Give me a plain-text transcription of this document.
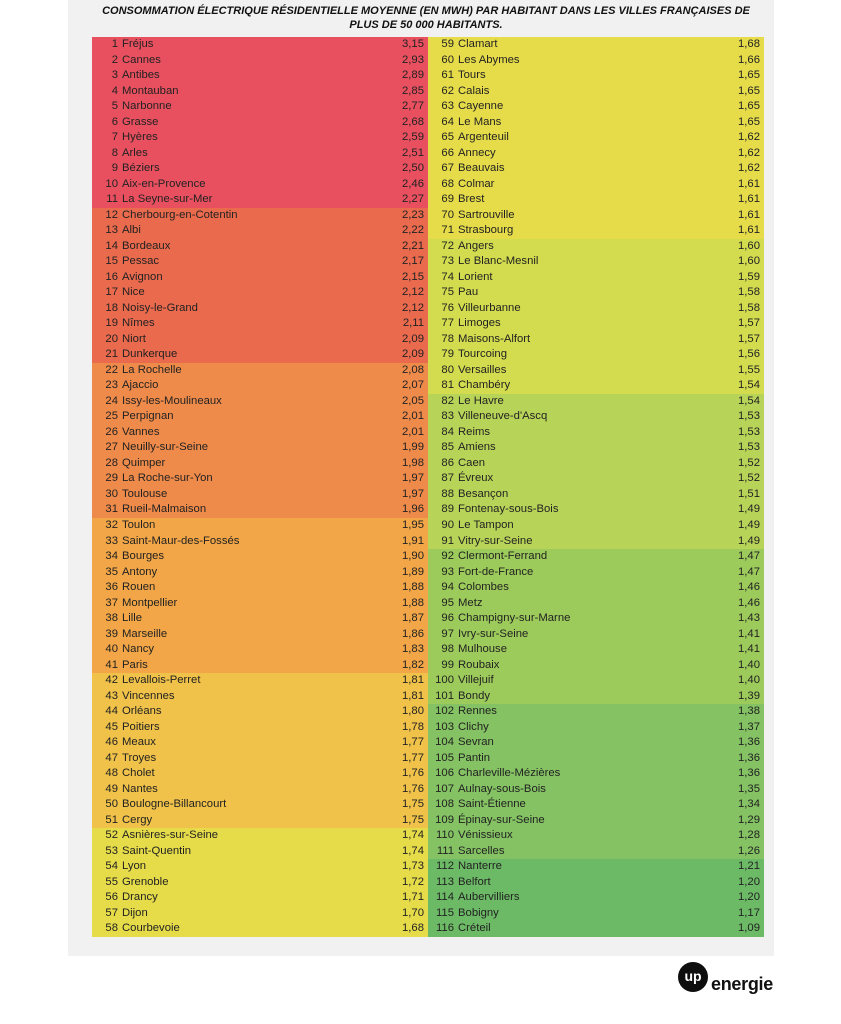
CONSOMMATION ÉLECTRIQUE RÉSIDENTIELLE MOYENNE (EN MWH) PAR HABITANT DANS LES VILLES FRANÇAISES DE PLUS DE 50 000 HABITANTS.
1 Fréjus	3,15
2 Cannes	2,93
3 Antibes	2,89
4 Montauban	2,85
5 Narbonne	2,77
6 Grasse	2,68
7 Hyères	2,59
8 Arles	2,51
9 Béziers	2,50
10 Aix-en-Provence	2,46
11 La Seyne-sur-Mer	2,27
12 Cherbourg-en-Cotentin	2,23
13 Albi	2,22
14 Bordeaux	2,21
15 Pessac	2,17
16 Avignon	2,15
17 Nice	2,12
18 Noisy-le-Grand	2,12
19 Nîmes	2,11
20 Niort	2,09
21 Dunkerque	2,09
22 La Rochelle	2,08
23 Ajaccio	2,07
24 Issy-les-Moulineaux	2,05
25 Perpignan	2,01
26 Vannes	2,01
27 Neuilly-sur-Seine	1,99
28 Quimper	1,98
29 La Roche-sur-Yon	1,97
30 Toulouse	1,97
31 Rueil-Malmaison	1,96
32 Toulon	1,95
33 Saint-Maur-des-Fossés	1,91
34 Bourges	1,90
35 Antony	1,89
36 Rouen	1,88
37 Montpellier	1,88
38 Lille	1,87
39 Marseille	1,86
40 Nancy	1,83
41 Paris	1,82
42 Levallois-Perret	1,81
43 Vincennes	1,81
44 Orléans	1,80
45 Poitiers	1,78
46 Meaux	1,77
47 Troyes	1,77
48 Cholet	1,76
49 Nantes	1,76
50 Boulogne-Billancourt	1,75
51 Cergy	1,75
52 Asnières-sur-Seine	1,74
53 Saint-Quentin	1,74
54 Lyon	1,73
55 Grenoble	1,72
56 Drancy	1,71
57 Dijon	1,70
58 Courbevoie	1,68
59 Clamart	1,68
60 Les Abymes	1,66
61 Tours	1,65
62 Calais	1,65
63 Cayenne	1,65
64 Le Mans	1,65
65 Argenteuil	1,62
66 Annecy	1,62
67 Beauvais	1,62
68 Colmar	1,61
69 Brest	1,61
70 Sartrouville	1,61
71 Strasbourg	1,61
72 Angers	1,60
73 Le Blanc-Mesnil	1,60
74 Lorient	1,59
75 Pau	1,58
76 Villeurbanne	1,58
77 Limoges	1,57
78 Maisons-Alfort	1,57
79 Tourcoing	1,56
80 Versailles	1,55
81 Chambéry	1,54
82 Le Havre	1,54
83 Villeneuve-d'Ascq	1,53
84 Reims	1,53
85 Amiens	1,53
86 Caen	1,52
87 Évreux	1,52
88 Besançon	1,51
89 Fontenay-sous-Bois	1,49
90 Le Tampon	1,49
91 Vitry-sur-Seine	1,49
92 Clermont-Ferrand	1,47
93 Fort-de-France	1,47
94 Colombes	1,46
95 Metz	1,46
96 Champigny-sur-Marne	1,43
97 Ivry-sur-Seine	1,41
98 Mulhouse	1,41
99 Roubaix	1,40
100 Villejuif	1,40
101 Bondy	1,39
102 Rennes	1,38
103 Clichy	1,37
104 Sevran	1,36
105 Pantin	1,36
106 Charleville-Mézières	1,36
107 Aulnay-sous-Bois	1,35
108 Saint-Étienne	1,34
109 Épinay-sur-Seine	1,29
110 Vénissieux	1,28
111 Sarcelles	1,26
112 Nanterre	1,21
113 Belfort	1,20
114 Aubervilliers	1,20
115 Bobigny	1,17
116 Créteil	1,09
up energie
